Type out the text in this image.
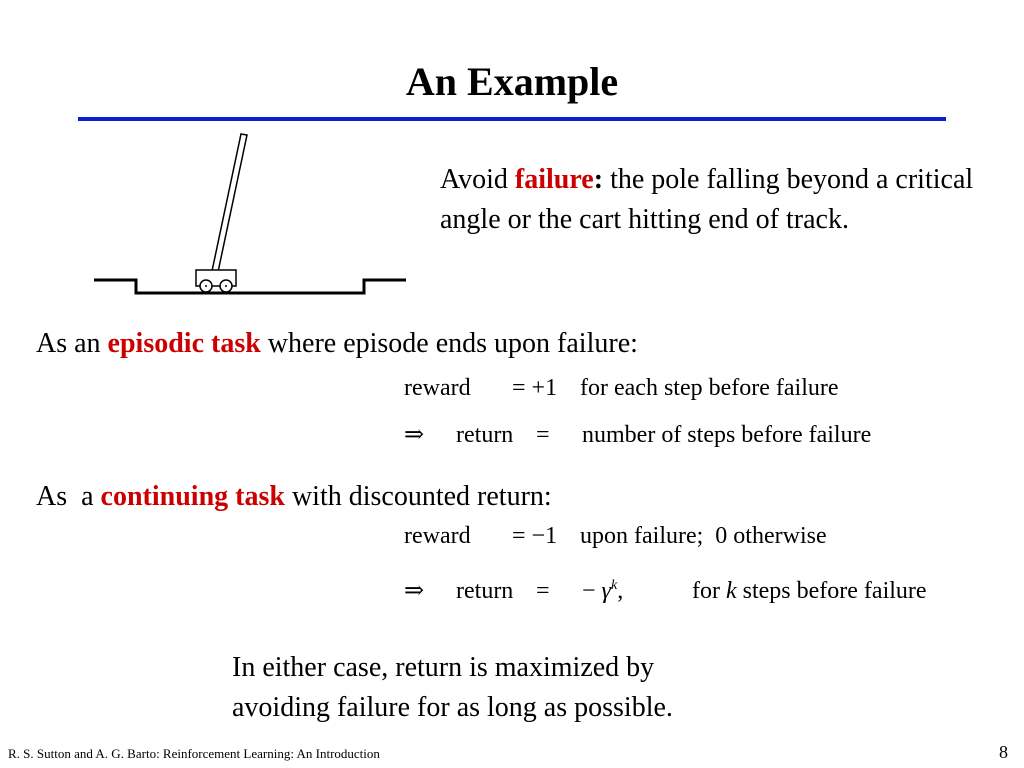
An Example
Avoid failure: the pole falling beyond a critical angle or the cart hitting end of track.
As an episodic task where episode ends upon failure:
reward = +1 for each step before failure
⇒ return = number of steps before failure
As  a continuing task with discounted return:
reward = −1 upon failure;  0 otherwise
⇒ return = − $\gamma^k$,	for k steps before failure
In either case, return is maximized by
avoiding failure for as long as possible.
R. S. Sutton and A. G. Barto: Reinforcement Learning: An Introduction	8
